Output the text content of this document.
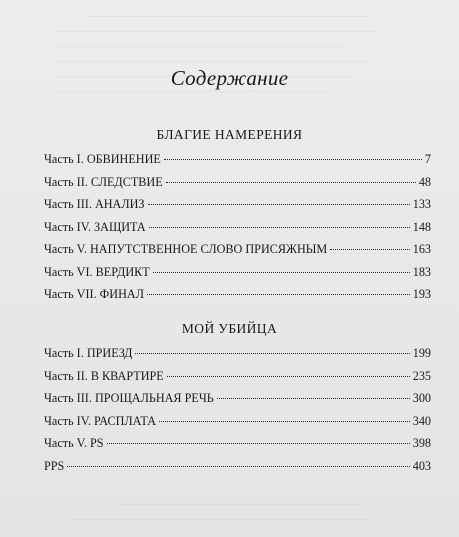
Содержание
БЛАГИЕ НАМЕРЕНИЯ
Часть I. ОБВИНЕНИЕ	7
Часть II. СЛЕДСТВИЕ	48
Часть III. АНАЛИЗ	133
Часть IV. ЗАЩИТА	148
Часть V. НАПУТСТВЕННОЕ СЛОВО ПРИСЯЖНЫМ	163
Часть VI. ВЕРДИКТ	183
Часть VII. ФИНАЛ	193
МОЙ УБИЙЦА
Часть I. ПРИЕЗД	199
Часть II. В КВАРТИРЕ	235
Часть III. ПРОЩАЛЬНАЯ РЕЧЬ	300
Часть IV. РАСПЛАТА	340
Часть V. PS	398
PPS	403
